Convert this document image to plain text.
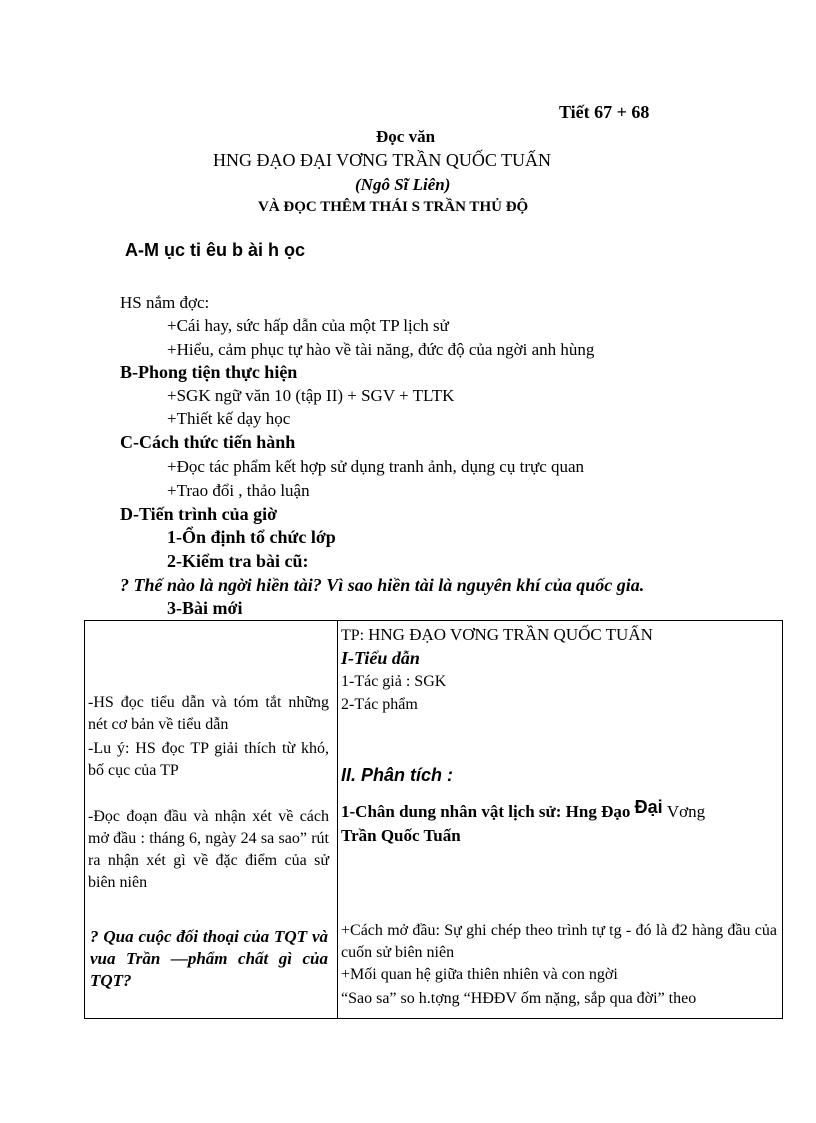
Tiết 67 + 68
Đọc văn
HNG ĐẠO ĐẠI VƠNG TRẦN QUỐC TUẤN
(Ngô Sĩ Liên)
VÀ ĐỌC THÊM THÁI S TRẦN THỦ ĐỘ
A-M ục ti êu b ài h ọc
HS nắm đợc:
+Cái hay, sức hấp dẫn của một TP lịch sử
+Hiểu, cảm phục tự hào về tài năng, đức độ của ngời anh hùng
B-Phong tiện thực hiện
+SGK ngữ văn 10 (tập II) + SGV + TLTK
+Thiết kế dạy học
C-Cách thức tiến hành
+Đọc tác phẩm kết hợp sử dụng tranh ảnh, dụng cụ trực quan
+Trao đổi , thảo luận
D-Tiến trình của giờ
1-Ổn định tổ chức lớp
2-Kiểm tra bài cũ:
? Thế nào là ngời hiền tài? Vì sao hiền tài là nguyên khí của quốc gia.
3-Bài mới
-HS đọc tiểu dẫn và tóm tắt những nét cơ bản về tiểu dẫn
-Lu ý: HS đọc TP giải thích từ khó, bố cục của TP
-Đọc đoạn đầu và nhận xét về cách mở đầu : tháng 6, ngày 24 sa sao” rút ra nhận xét gì về đặc điểm của sử biên niên
? Qua cuộc đối thoại của TQT và vua Trần —phẩm chất gì của TQT?
TP: HNG ĐẠO VƠNG TRẦN QUỐC TUẤN
I-Tiểu dẫn
1-Tác giả : SGK
2-Tác phẩm
II. Phân tích :
1-Chân dung nhân vật lịch sử: Hng Đạo Đại Vơng
Trần Quốc Tuấn
+Cách mở đầu: Sự ghi chép theo trình tự tg - đó là đ2 hàng đầu của cuốn sử biên niên
+Mối quan hệ giữa thiên nhiên và con ngời
“Sao sa” so h.tợng “HĐĐV ốm nặng, sắp qua đời” theo
